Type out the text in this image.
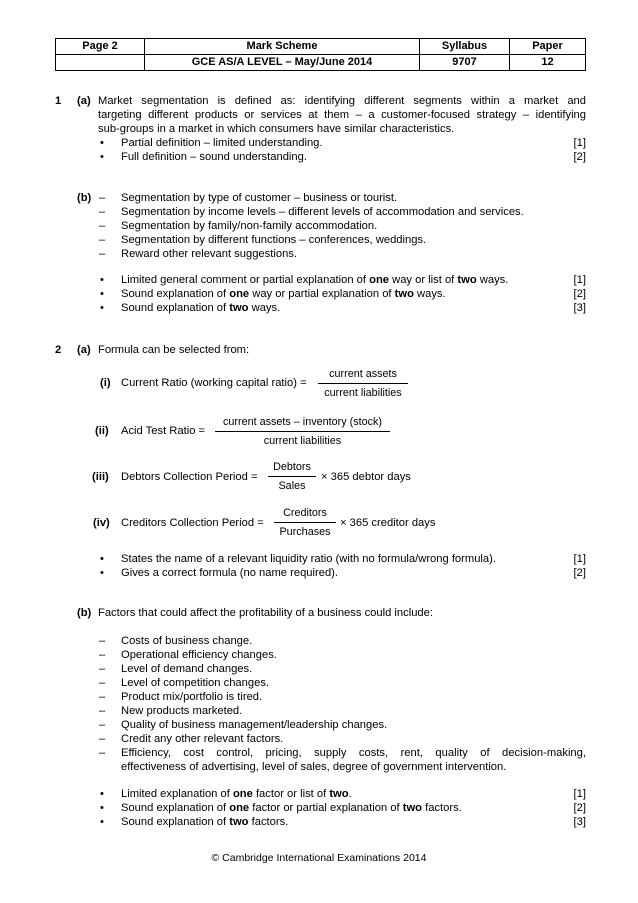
Page 2	Mark Scheme	Syllabus	Paper
	GCE AS/A LEVEL – May/June 2014	9707	12
1 (a) Market segmentation is defined as: identifying different segments within a market and
targeting different products or services at them – a customer-focused strategy – identifying
sub-groups in a market in which consumers have similar characteristics.
• Partial definition – limited understanding.	[1]
• Full definition – sound understanding.	[2]
(b) – Segmentation by type of customer – business or tourist.
– Segmentation by income levels – different levels of accommodation and services.
– Segmentation by family/non-family accommodation.
– Segmentation by different functions – conferences, weddings.
– Reward other relevant suggestions.
• Limited general comment or partial explanation of one way or list of two ways.	[1]
• Sound explanation of one way or partial explanation of two ways.	[2]
• Sound explanation of two ways.	[3]
2 (a) Formula can be selected from:
(i) Current Ratio (working capital ratio) =
current assets
current liabilities
(ii) Acid Test Ratio =
current assets – inventory (stock)
current liabilities
(iii) Debtors Collection Period =
Debtors
Sales
× 365 debtor days
(iv) Creditors Collection Period =
Creditors
Purchases
× 365 creditor days
• States the name of a relevant liquidity ratio (with no formula/wrong formula).	[1]
• Gives a correct formula (no name required).	[2]
(b) Factors that could affect the profitability of a business could include:
– Costs of business change.
– Operational efficiency changes.
– Level of demand changes.
– Level of competition changes.
– Product mix/portfolio is tired.
– New products marketed.
– Quality of business management/leadership changes.
– Credit any other relevant factors.
– Efficiency, cost control, pricing, supply costs, rent, quality of decision-making,
effectiveness of advertising, level of sales, degree of government intervention.
• Limited explanation of one factor or list of two.	[1]
• Sound explanation of one factor or partial explanation of two factors.	[2]
• Sound explanation of two factors.	[3]
© Cambridge International Examinations 2014
